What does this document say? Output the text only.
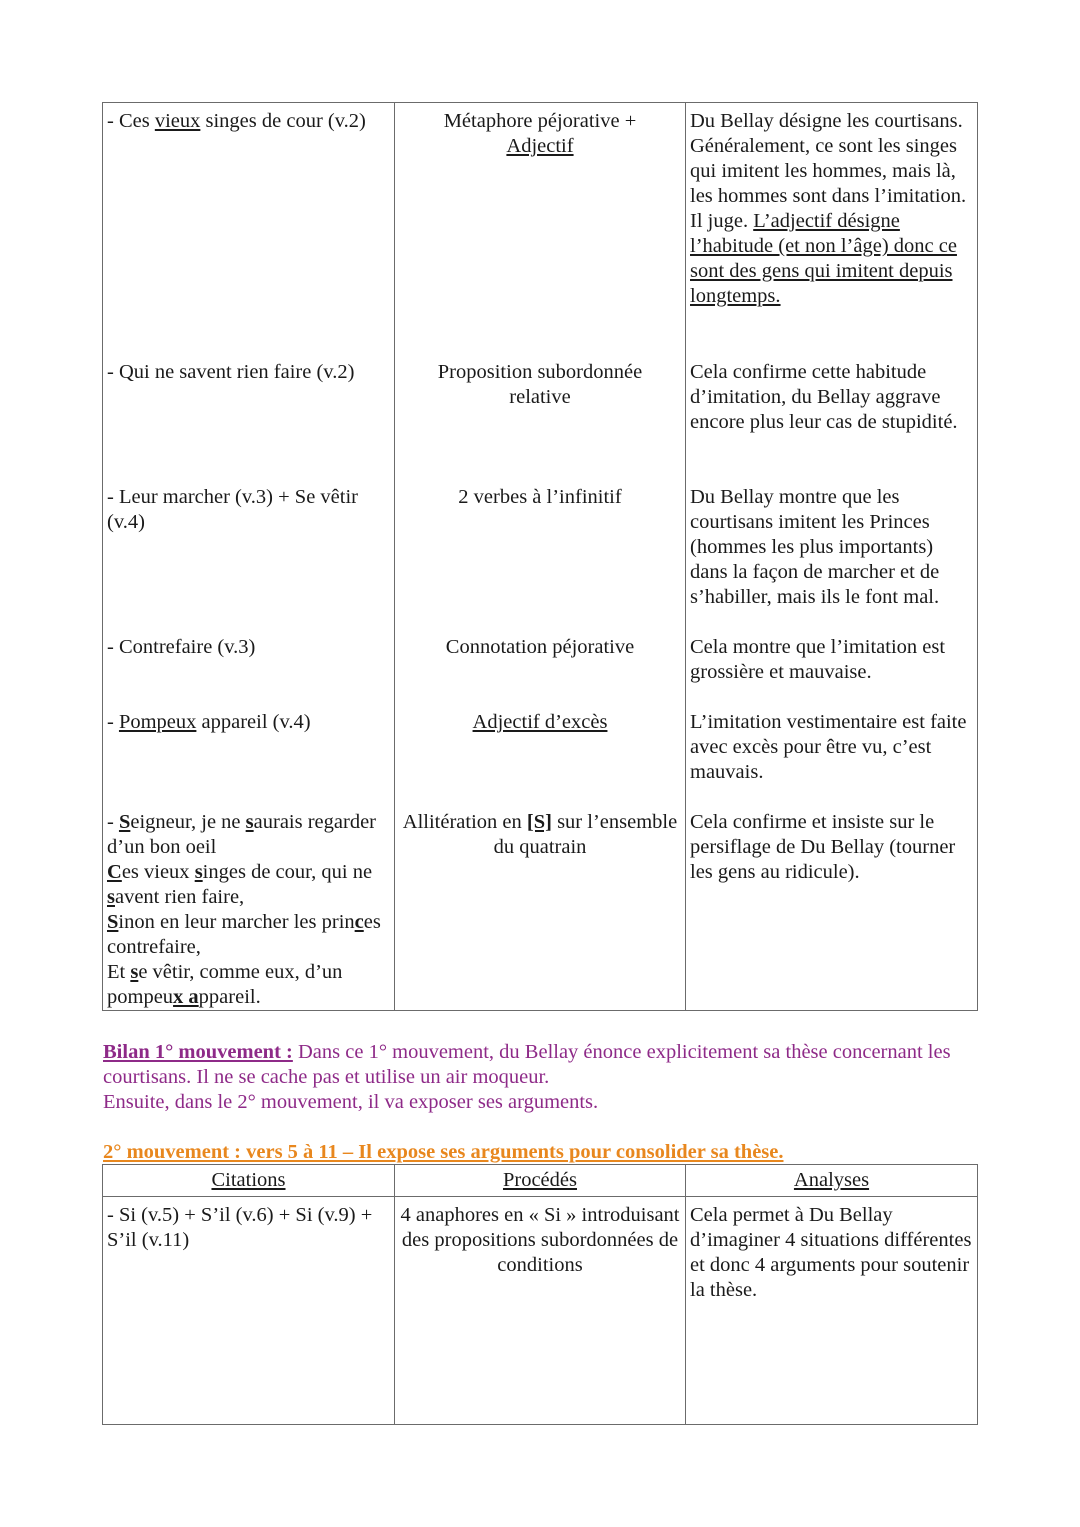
- Ces vieux singes de cour (v.2)	Métaphore péjorative +
Adjectif	Du Bellay désigne les courtisans. Généralement, ce sont les singes qui imitent les hommes, mais là, les hommes sont dans l’imitation. Il juge. L’adjectif désigne l’habitude (et non l’âge) donc ce sont des gens qui imitent depuis longtemps.
- Qui ne savent rien faire (v.2)	Proposition subordonnée relative	Cela confirme cette habitude d’imitation, du Bellay aggrave encore plus leur cas de stupidité.
- Leur marcher (v.3) + Se vêtir (v.4)	2 verbes à l’infinitif	Du Bellay montre que les courtisans imitent les Princes (hommes les plus importants) dans la façon de marcher et de s’habiller, mais ils le font mal.
- Contrefaire (v.3)	Connotation péjorative	Cela montre que l’imitation est grossière et mauvaise.
- Pompeux appareil (v.4)	Adjectif d’excès	L’imitation vestimentaire est faite avec excès pour être vu, c’est mauvais.
- Seigneur, je ne saurais regarder d’un bon oeil
Ces vieux singes de cour, qui ne savent rien faire,
Sinon en leur marcher les princes contrefaire,
Et se vêtir, comme eux, d’un pompeux appareil.	Allitération en [S] sur l’ensemble du quatrain	Cela confirme et insiste sur le persiflage de Du Bellay (tourner les gens au ridicule).
Bilan 1° mouvement : Dans ce 1° mouvement, du Bellay énonce explicitement sa thèse concernant les courtisans. Il ne se cache pas et utilise un air moqueur.
Ensuite, dans le 2° mouvement, il va exposer ses arguments.
2° mouvement : vers 5 à 11 – Il expose ses arguments pour consolider sa thèse.
Citations	Procédés	Analyses
- Si (v.5) + S’il (v.6) + Si (v.9) + S’il (v.11)	4 anaphores en « Si » introduisant des propositions subordonnées de conditions	Cela permet à Du Bellay d’imaginer 4 situations différentes et donc 4 arguments pour soutenir la thèse.
